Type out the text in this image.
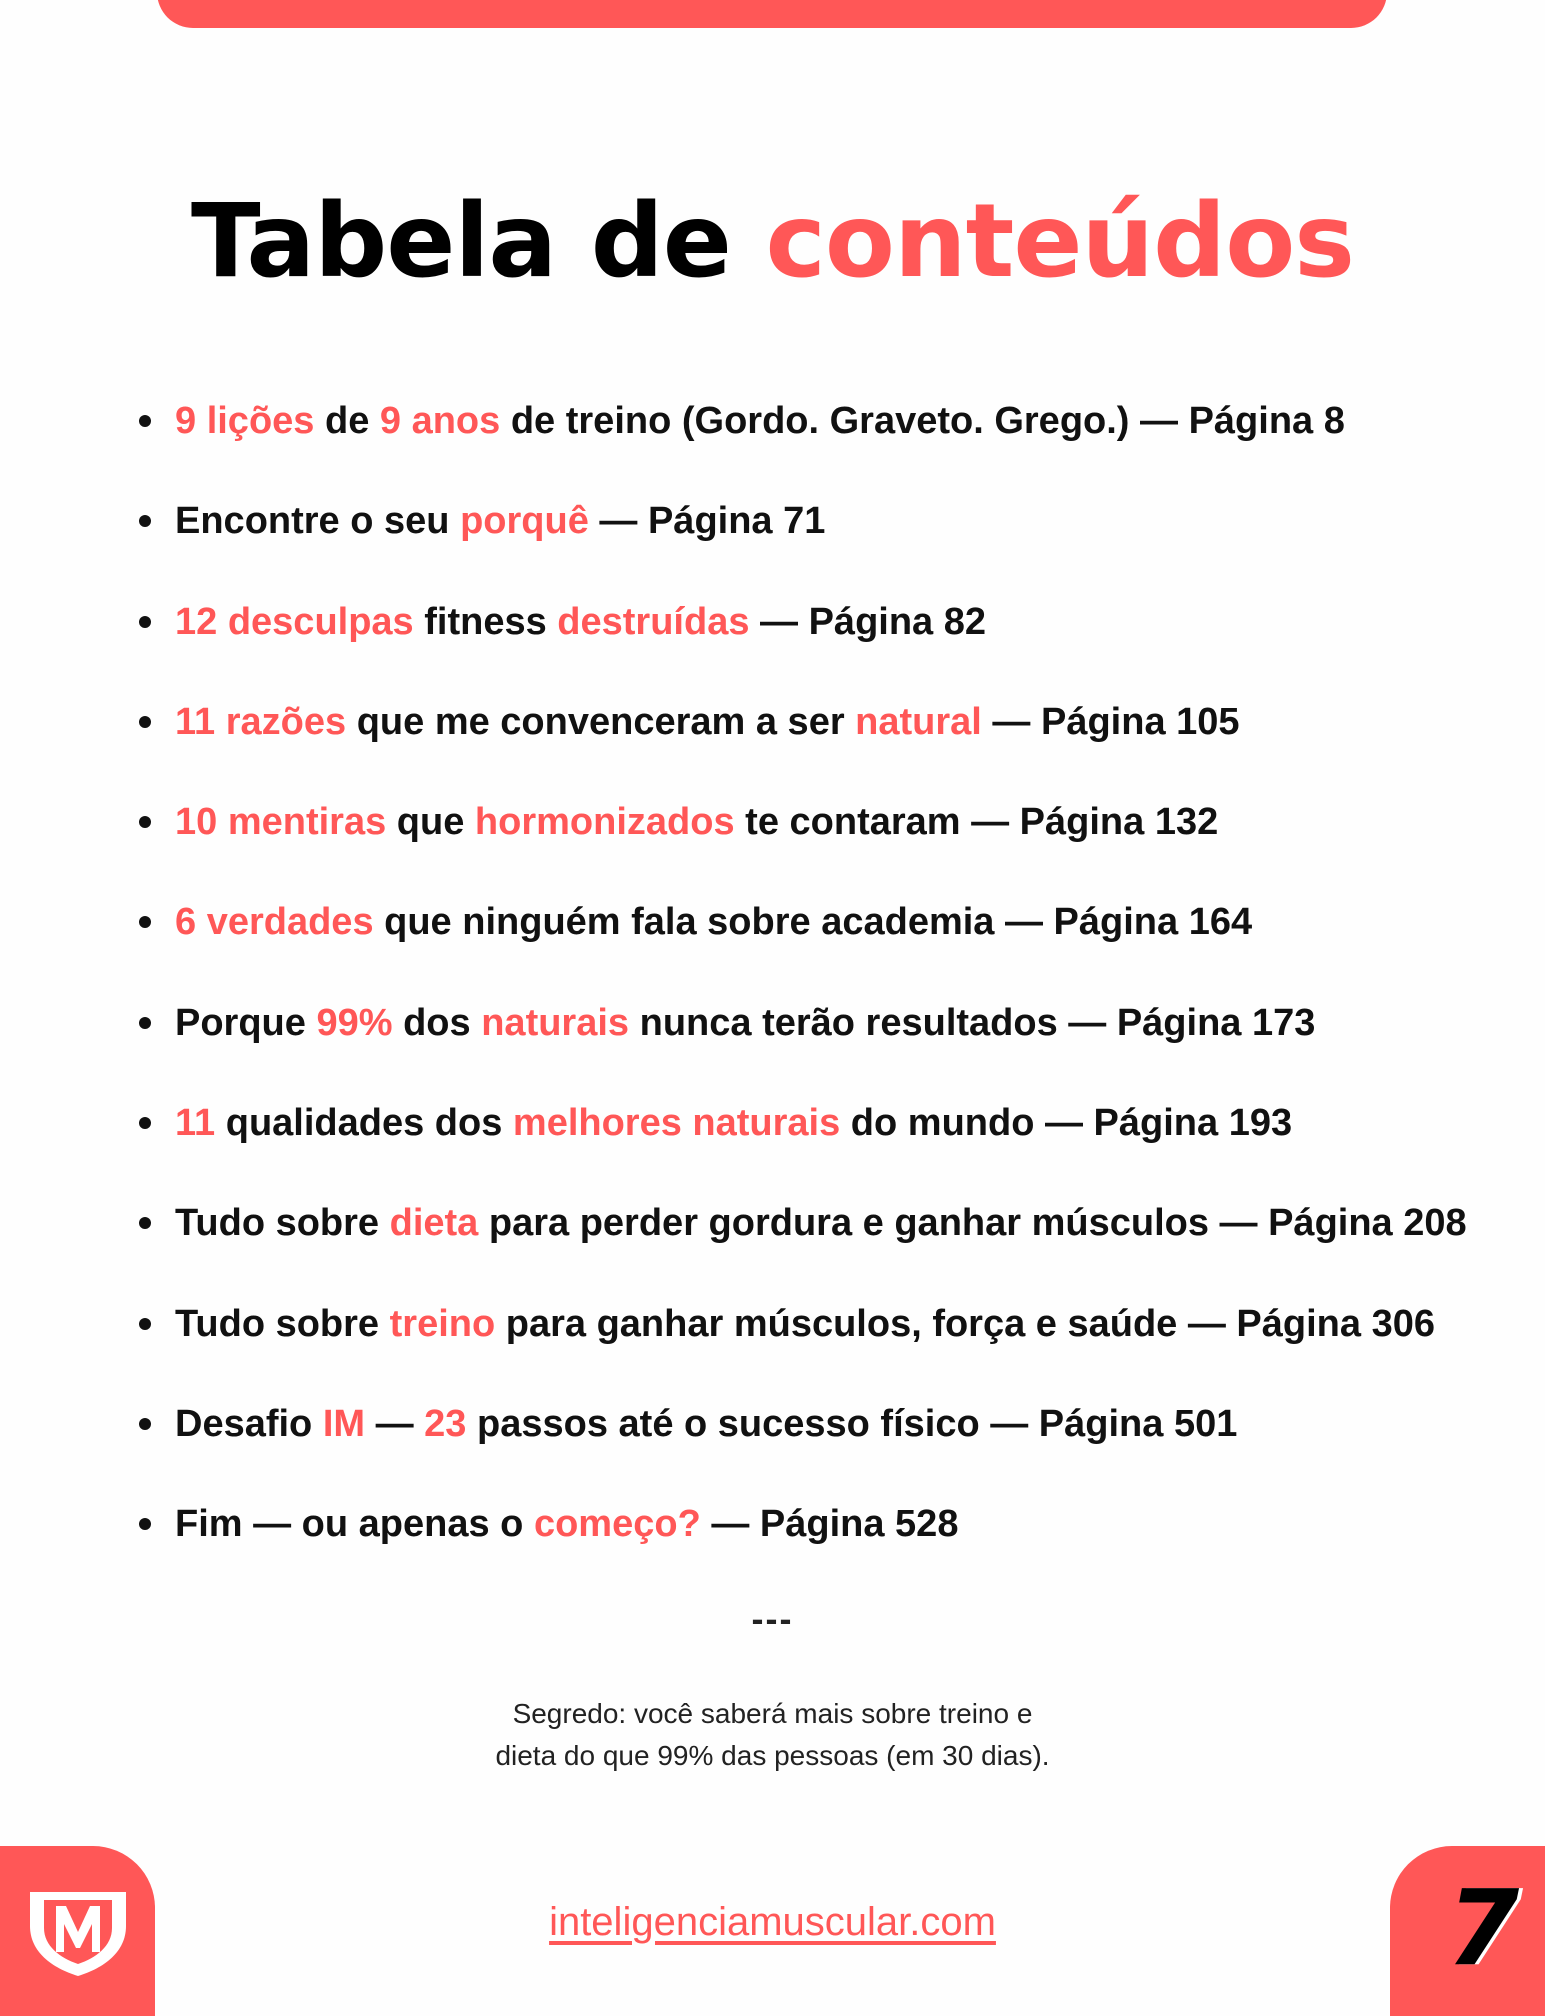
Tabela de conteúdos
9 lições de 9 anos de treino (Gordo. Graveto. Grego.) — Página 8
Encontre o seu porquê — Página 71
12 desculpas fitness destruídas — Página 82
11 razões que me convenceram a ser natural — Página 105
10 mentiras que hormonizados te contaram — Página 132
6 verdades que ninguém fala sobre academia — Página 164
Porque 99% dos naturais nunca terão resultados — Página 173
11 qualidades dos melhores naturais do mundo — Página 193
Tudo sobre dieta para perder gordura e ganhar músculos — Página 208
Tudo sobre treino para ganhar músculos, força e saúde — Página 306
Desafio IM — 23 passos até o sucesso físico — Página 501
Fim — ou apenas o começo? — Página 528
---
Segredo: você saberá mais sobre treino e
dieta do que 99% das pessoas (em 30 dias).
inteligenciamuscular.com	7
